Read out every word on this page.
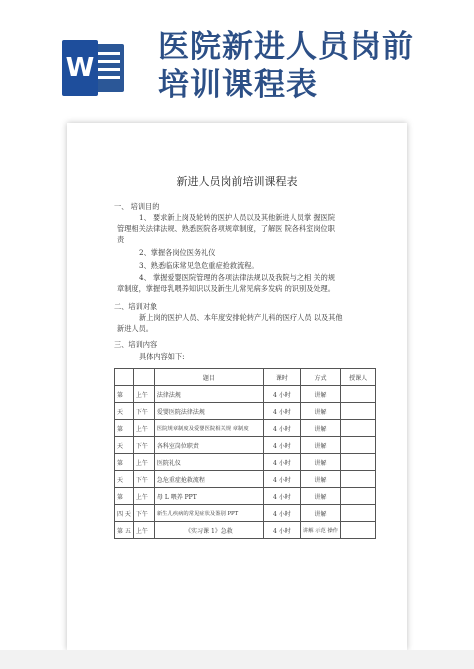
W
医院新进人员岗前
培训课程表
新进人员岗前培训课程表
一、 培训目的
1、 要求新上岗及轮转的医护人员以及其他新进人员掌 握医院
管理相关法律法规、熟悉医院各项规章制度，了解医 院各科室岗位职
责
2、掌握各岗位医务礼仪
3、熟悉临床常见急危重症抢救流程。
4、 掌握爱婴医院管理的各项法律法规以及我院与之相 关的规
章制度，掌握母乳喂养知识以及新生儿常见病多发病 的识别及处理。
二、培训对象
新上岗的医护人员、本年度安排轮转产儿科的医疗人员 以及其他
新进人员。
三、培训内容
具体内容如下:
		题目	课时	方式	授课人
第	上午	法律法规	4 小时	讲解	
天	下午	爱婴医院法律法规	4 小时	讲解	
第	上午	医院规章制度及爱婴医院相关规 章制度	4 小时	讲解	
天	下午	各科室岗位职责	4 小时	讲解	
第	上午	医院礼仪	4 小时	讲解	
天	下午	急危重症抢救流程	4 小时	讲解	
第	上午	母 L 喂养 PPT	4 小时	讲解	
四 天	下午	新生儿疾病的常见症状及鉴别 PPT	4 小时	讲解	
第 五	上午	《实习课 1》急救	4 小时	讲解 示范 操作	
